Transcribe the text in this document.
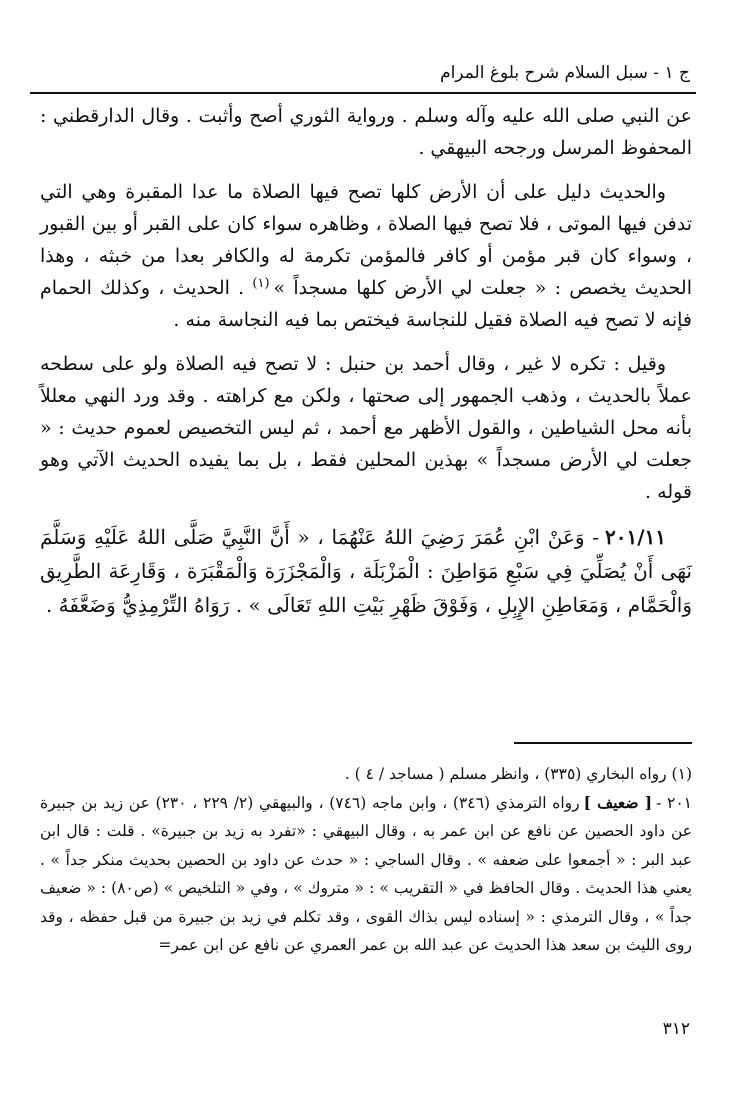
ج ١ - سبل السلام شرح بلوغ المرام

عن النبي صلى الله عليه وآله وسلم . ورواية الثوري أصح وأثبت . وقال الدارقطني : المحفوظ المرسل ورجحه البيهقي .

والحديث دليل على أن الأرض كلها تصح فيها الصلاة ما عدا المقبرة وهي التي تدفن فيها الموتى ، فلا تصح فيها الصلاة ، وظاهره سواء كان على القبر أو بين القبور ، وسواء كان قبر مؤمن أو كافر فالمؤمن تكرمة له والكافر بعدا من خبثه ، وهذا الحديث يخصص : « جعلت لي الأرض كلها مسجداً »$^{(١)}$ . الحديث ، وكذلك الحمام فإنه لا تصح فيه الصلاة فقيل للنجاسة فيختص بما فيه النجاسة منه .

وقيل : تكره لا غير ، وقال أحمد بن حنبل : لا تصح فيه الصلاة ولو على سطحه عملاً بالحديث ، وذهب الجمهور إلى صحتها ، ولكن مع كراهته . وقد ورد النهي معللاً بأنه محل الشياطين ، والقول الأظهر مع أحمد ، ثم ليس التخصيص لعموم حديث : « جعلت لي الأرض مسجداً » بهذين المحلين فقط ، بل بما يفيده الحديث الآتي وهو قوله .

٢٠١/١١- وَعَنْ ابْنِ عُمَرَ رَضِيَ اللهُ عَنْهُمَا ، « أَنَّ النَّبِيَّ صَلَّى اللهُ عَلَيْهِ وَسَلَّمَ نَهَى أَنْ يُصَلِّيَ فِي سَبْعِ مَوَاطِنَ : الْمَزْبَلَة ، وَالْمَجْزَرَة وَالْمَقْبَرَة ، وَقَارِعَة الطَّرِيق وَالْحَمَّام ، وَمَعَاطِنِ الإِبِلِ ، وَفَوْقَ ظَهْرِ بَيْتِ اللهِ تَعَالَى » . رَوَاهُ التِّرْمِذِيُّ وَضَعَّفَهُ .

(١) رواه البخاري (٣٣٥) ، وانظر مسلم ( مساجد / ٤ ) .

٢٠١ -[ ضعيف ]رواه الترمذي (٣٤٦) ، وابن ماجه (٧٤٦) ، والبيهقي (٢/ ٢٢٩ ، ٢٣٠) عن زيد بن جبيرة عن داود الحصين عن نافع عن ابن عمر به ، وقال البيهقي : «تفرد به زيد بن جبيرة» . قلت : قال ابن عبد البر : « أجمعوا على ضعفه » . وقال الساجي : « حدث عن داود بن الحصين بحديث منكر جداً » . يعني هذا الحديث . وقال الحافظ في « التقريب » : « متروك » ، وفي « التلخيص » (ص٨٠) : « ضعيف جداً » ، وقال الترمذي : « إسناده ليس بذاك القوى ، وقد تكلم في زيد بن جبيرة من قبل حفظه ، وقد روى الليث بن سعد هذا الحديث عن عبد الله بن عمر العمري عن نافع عن ابن عمر=

٣١٢
